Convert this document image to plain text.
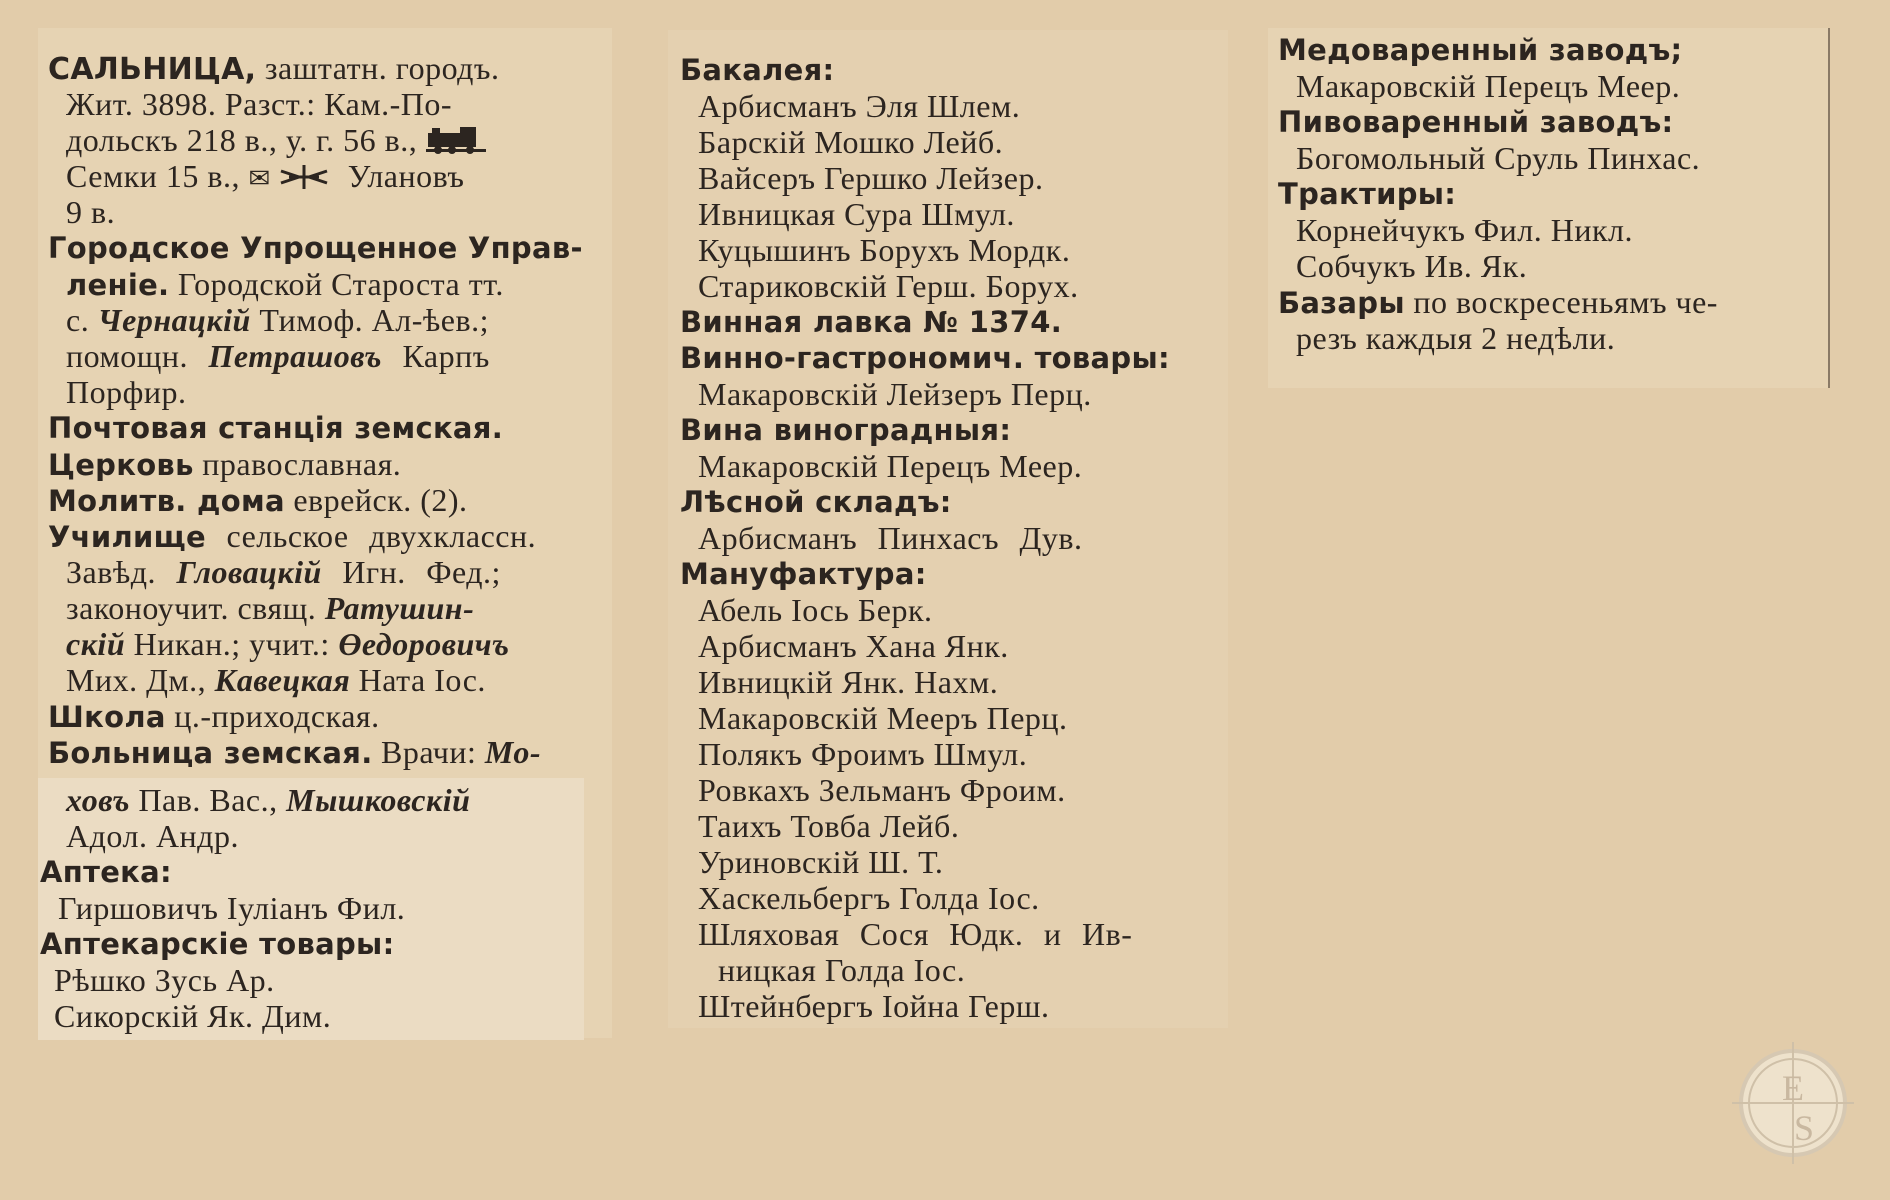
САЛЬНИЦА, заштатн. городъ.
Жит. 3898. Разст.: Кам.-По-
дольскъ 218 в., у. г. 56 в.,
Семки 15 в., ✉ Улановъ
9 в.
Городское Упрощенное Управ-
леніе. Городской Староста тт.
с. Чернацкій Тимоф. Ал-ѣев.;
помощн. Петрашовъ Карпъ
Порфир.
Почтовая станція земская.
Церковь православная.
Молитв. дома еврейск. (2).
Училище сельское двухклассн.
Завѣд. Гловацкій Игн. Фед.;
законоучит. свящ. Ратушин-
скій Никан.; учит.: Өедоровичъ
Мих. Дм., Кавецкая Ната Іос.
Школа ц.-приходская.
Больница земская. Врачи: Мо-
ховъ Пав. Вас., Мышковскій
Адол. Андр.
Аптека:
Гиршовичъ Іуліанъ Фил.
Аптекарскіе товары:
Рѣшко Зусь Ар.
Сикорскій Як. Дим.
Бакалея:
Арбисманъ Эля Шлем.
Барскій Мошко Лейб.
Вайсеръ Гершко Лейзер.
Ивницкая Сура Шмул.
Куцышинъ Борухъ Мордк.
Стариковскій Герш. Борух.
Винная лавка № 1374.
Винно-гастрономич. товары:
Макаровскій Лейзеръ Перц.
Вина виноградныя:
Макаровскій Перецъ Меер.
Лѣсной складъ:
Арбисманъ Пинхасъ Дув.
Мануфактура:
Абель Іось Берк.
Арбисманъ Хана Янк.
Ивницкій Янк. Нахм.
Макаровскій Мееръ Перц.
Полякъ Фроимъ Шмул.
Ровкахъ Зельманъ Фроим.
Таихъ Товба Лейб.
Уриновскій Ш. Т.
Хаскельбергъ Голда Іос.
Шляховая Сося Юдк. и Ив-
ницкая Голда Іос.
Штейнбергъ Іойна Герш.
Медоваренный заводъ;
Макаровскій Перецъ Меер.
Пивоваренный заводъ:
Богомольный Сруль Пинхас.
Трактиры:
Корнейчукъ Фил. Никл.
Собчукъ Ив. Як.
Базары по воскресеньямъ че-
резъ каждыя 2 недѣли.
E
S
